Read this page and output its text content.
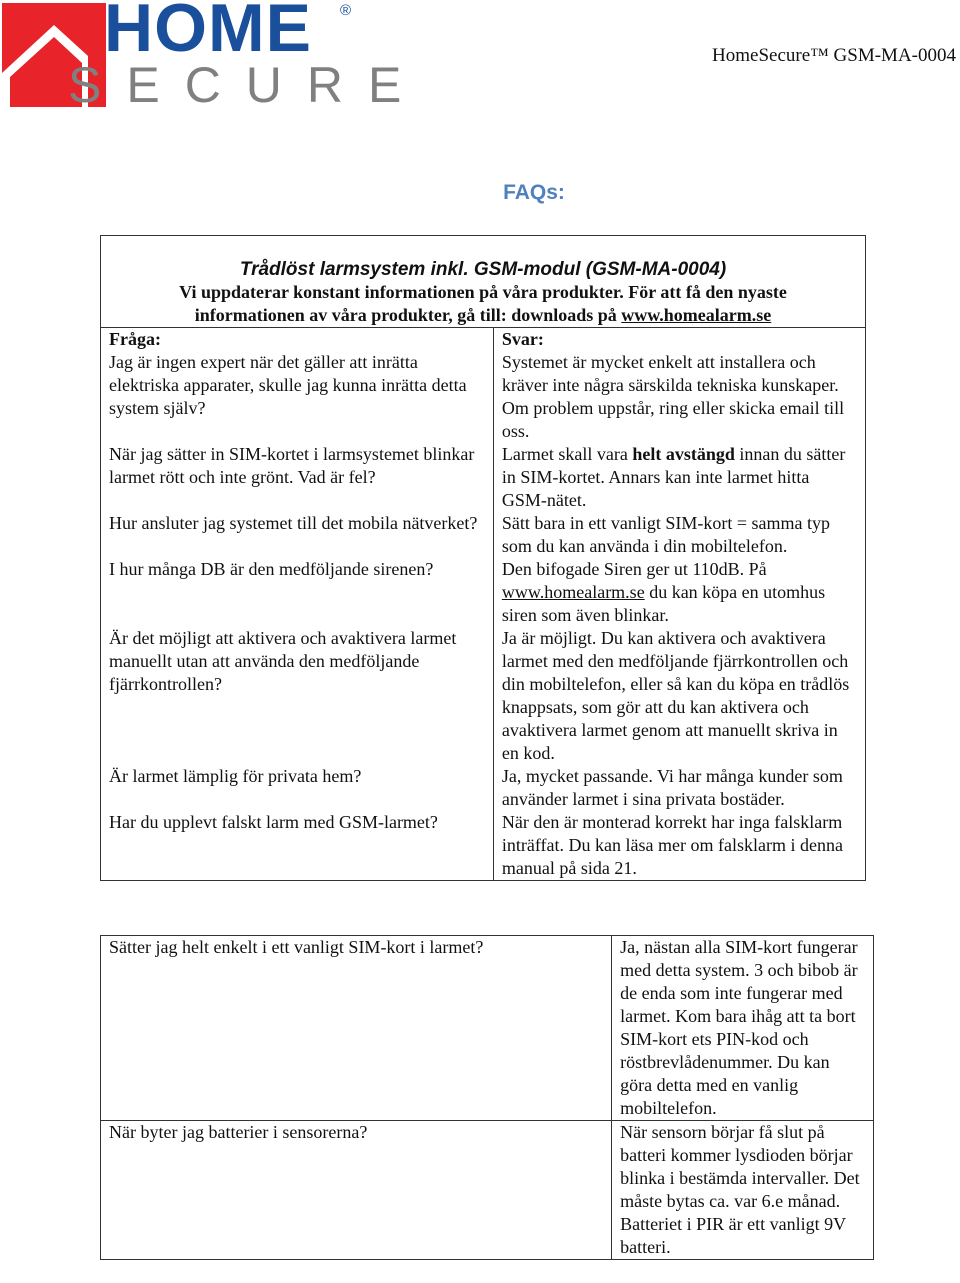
HOME ®
SECURE
HomeSecure™ GSM-MA-0004
FAQs:
Trådlöst larmsystem inkl. GSM-modul (GSM-MA-0004)
Vi uppdaterar konstant informationen på våra produkter. För att få den nyaste
informationen av våra produkter, gå till: downloads på www.homealarm.se	

Fråga:	Svar:
Jag är ingen expert när det gäller att inrätta elektriska apparater, skulle jag kunna inrätta detta system själv?	Systemet är mycket enkelt att installera och kräver inte några särskilda tekniska kunskaper. Om problem uppstår, ring eller skicka email till oss.
När jag sätter in SIM-kortet i larmsystemet blinkar larmet rött och inte grönt. Vad är fel?	Larmet skall vara helt avstängd innan du sätter in SIM-kortet. Annars kan inte larmet hitta GSM-nätet.
Hur ansluter jag systemet till det mobila nätverket?	Sätt bara in ett vanligt SIM-kort = samma typ som du kan använda i din mobiltelefon.
I hur många DB är den medföljande sirenen?	Den bifogade Siren ger ut 110dB. På www.homealarm.se du kan köpa en utomhus siren som även blinkar.
Är det möjligt att aktivera och avaktivera larmet manuellt utan att använda den medföljande fjärrkontrollen?	Ja är möjligt. Du kan aktivera och avaktivera larmet med den medföljande fjärrkontrollen och din mobiltelefon, eller så kan du köpa en trådlös knappsats, som gör att du kan aktivera och avaktivera larmet genom att manuellt skriva in en kod.
Är larmet lämplig för privata hem?	Ja, mycket passande. Vi har många kunder som använder larmet i sina privata bostäder.
Har du upplevt falskt larm med GSM-larmet?	När den är monterad korrekt har inga falsklarm inträffat. Du kan läsa mer om falsklarm i denna manual på sida 21.
Sätter jag helt enkelt i ett vanligt SIM-kort i larmet?	Ja, nästan alla SIM-kort fungerar med detta system. 3 och bibob är de enda som inte fungerar med larmet. Kom bara ihåg att ta bort SIM-kort ets PIN-kod och röstbrevlådenummer. Du kan göra detta med en vanlig mobiltelefon.
När byter jag batterier i sensorerna?	När sensorn börjar få slut på batteri kommer lysdioden börjar blinka i bestämda intervaller. Det måste bytas ca. var 6.e månad. Batteriet i PIR är ett vanligt 9V batteri.
